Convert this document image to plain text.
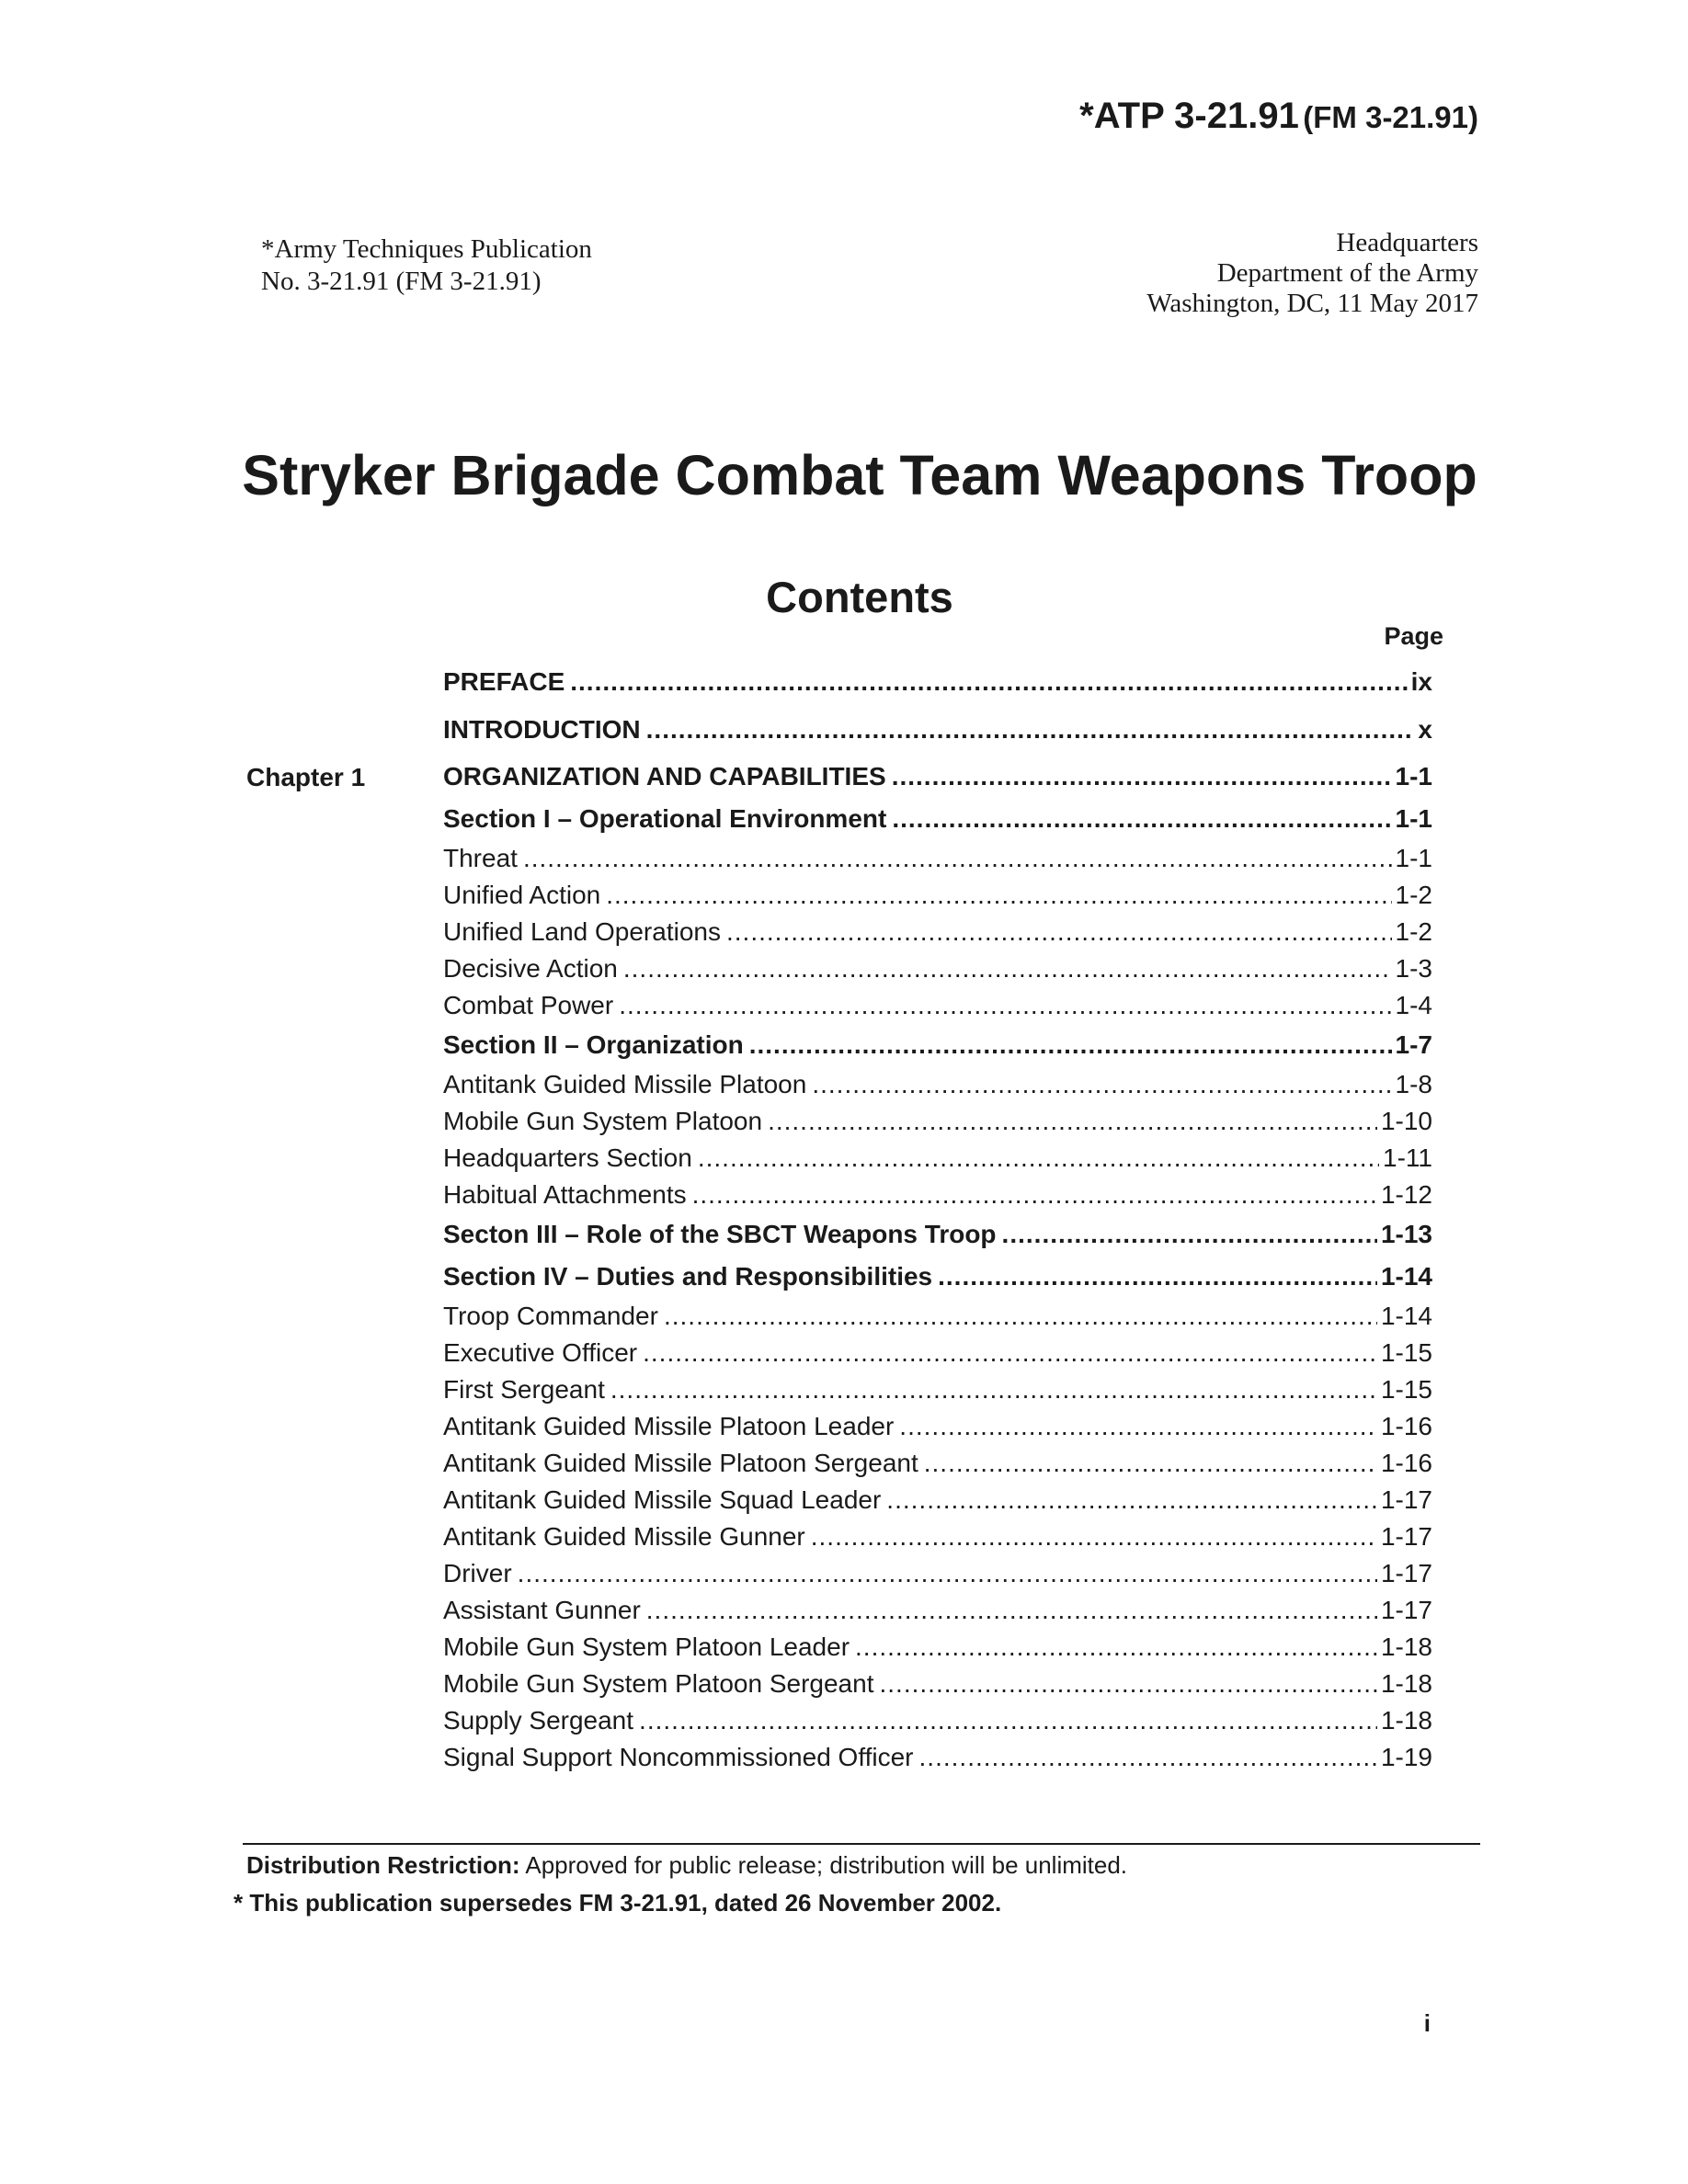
*ATP 3-21.91 (FM 3-21.91)
*Army Techniques Publication
No. 3-21.91 (FM 3-21.91)
Headquarters
Department of the Army
Washington, DC, 11 May 2017
Stryker Brigade Combat Team Weapons Troop
Contents
Page
PREFACE .....	ix
INTRODUCTION .....	x
Chapter 1	ORGANIZATION AND CAPABILITIES .....	1-1
Section I – Operational Environment .....	1-1
Threat .....	1-1
Unified Action .....	1-2
Unified Land Operations .....	1-2
Decisive Action .....	1-3
Combat Power .....	1-4
Section II – Organization .....	1-7
Antitank Guided Missile Platoon .....	1-8
Mobile Gun System Platoon .....	1-10
Headquarters Section .....	1-11
Habitual Attachments .....	1-12
Secton III – Role of the SBCT Weapons Troop .....	1-13
Section IV – Duties and Responsibilities .....	1-14
Troop Commander .....	1-14
Executive Officer .....	1-15
First Sergeant .....	1-15
Antitank Guided Missile Platoon Leader .....	1-16
Antitank Guided Missile Platoon Sergeant .....	1-16
Antitank Guided Missile Squad Leader .....	1-17
Antitank Guided Missile Gunner .....	1-17
Driver .....	1-17
Assistant Gunner .....	1-17
Mobile Gun System Platoon Leader .....	1-18
Mobile Gun System Platoon Sergeant .....	1-18
Supply Sergeant .....	1-18
Signal Support Noncommissioned Officer .....	1-19
Distribution Restriction: Approved for public release; distribution will be unlimited.
* This publication supersedes FM 3-21.91, dated 26 November 2002.
i
